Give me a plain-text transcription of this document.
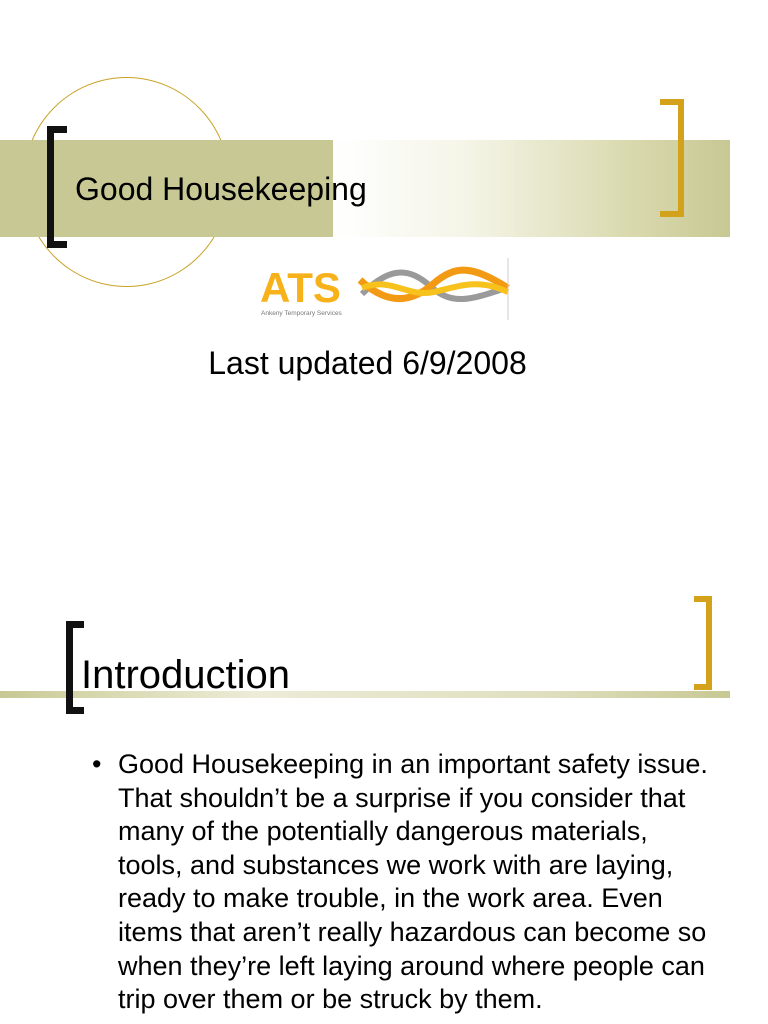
Good Housekeeping
ATS
Ankeny Temporary Services
Last updated 6/9/2008
Introduction
• Good Housekeeping in an important safety issue. That shouldn’t be a surprise if you consider that many of the potentially dangerous materials, tools, and substances we work with are laying, ready to make trouble, in the work area. Even items that aren’t really hazardous can become so when they’re left laying around where people can trip over them or be struck by them.
